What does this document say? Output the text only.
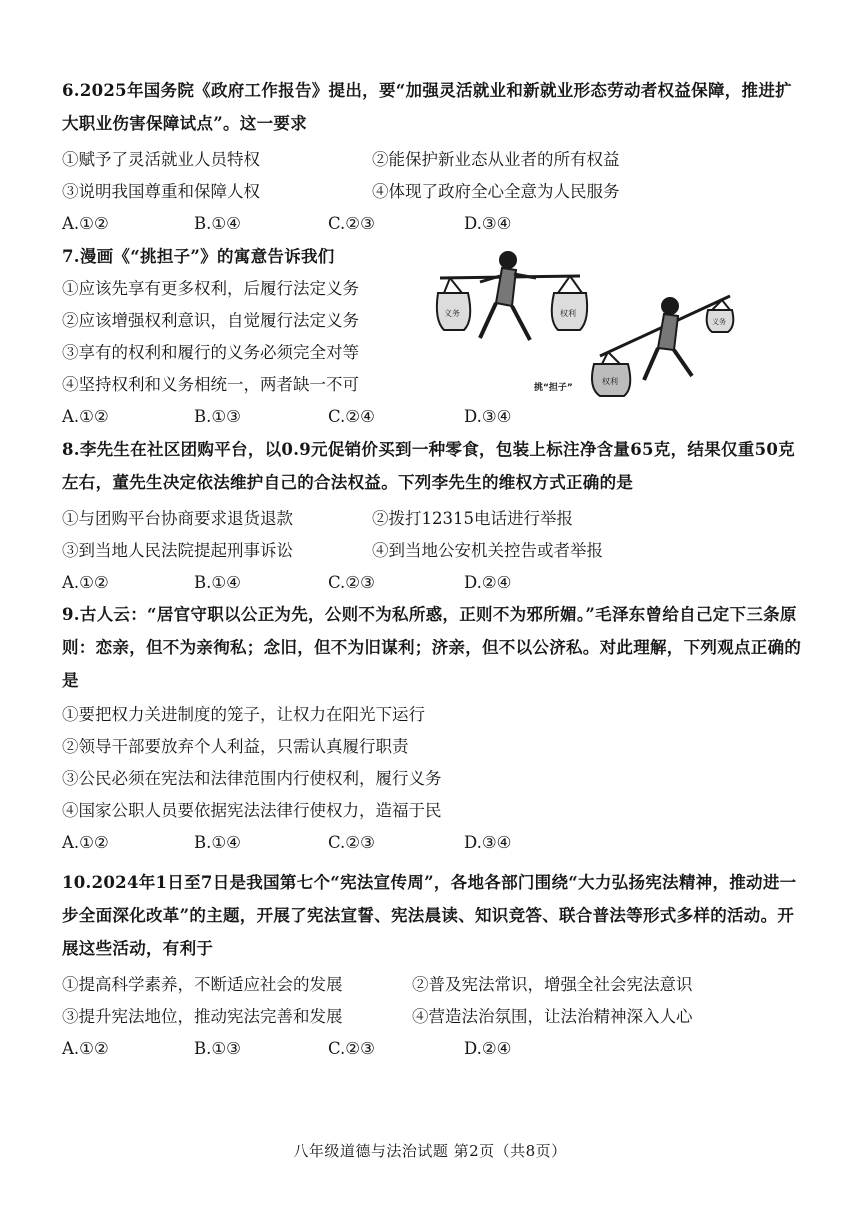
6.2025年国务院《政府工作报告》提出，要“加强灵活就业和新就业形态劳动者权益保障，推进扩大职业伤害保障试点”。这一要求

①赋予了灵活就业人员特权	②能保护新业态从业者的所有权益
③说明我国尊重和保障人权	④体现了政府全心全意为人民服务
A.①②	B.①④	C.②③	D.③④

7.漫画《“挑担子”》的寓意告诉我们

①应该先享有更多权利，后履行法定义务
②应该增强权利意识，自觉履行法定义务
③享有的权利和履行的义务必须完全对等
④坚持权利和义务相统一，两者缺一不可
A.①②	B.①③	C.②④	D.③④
义务	权利
权利
义务
挑“担子”

8.李先生在社区团购平台，以0.9元促销价买到一种零食，包装上标注净含量65克，结果仅重50克左右，董先生决定依法维护自己的合法权益。下列李先生的维权方式正确的是

①与团购平台协商要求退货退款	②拨打12315电话进行举报
③到当地人民法院提起刑事诉讼	④到当地公安机关控告或者举报
A.①②	B.①④	C.②③	D.②④

9.古人云：“居官守职以公正为先，公则不为私所惑，正则不为邪所媚。”毛泽东曾给自己定下三条原则：恋亲，但不为亲徇私；念旧，但不为旧谋利；济亲，但不以公济私。对此理解，下列观点正确的是

①要把权力关进制度的笼子，让权力在阳光下运行
②领导干部要放弃个人利益，只需认真履行职责
③公民必须在宪法和法律范围内行使权利，履行义务
④国家公职人员要依据宪法法律行使权力，造福于民
A.①②	B.①④	C.②③	D.③④

10.2024年1日至7日是我国第七个“宪法宣传周”，各地各部门围绕“大力弘扬宪法精神，推动进一步全面深化改革”的主题，开展了宪法宣誓、宪法晨读、知识竞答、联合普法等形式多样的活动。开展这些活动，有利于

①提高科学素养，不断适应社会的发展	②普及宪法常识，增强全社会宪法意识
③提升宪法地位，推动宪法完善和发展	④营造法治氛围，让法治精神深入人心
A.①②	B.①③	C.②③	D.②④
八年级道德与法治试题 第2页（共8页）
